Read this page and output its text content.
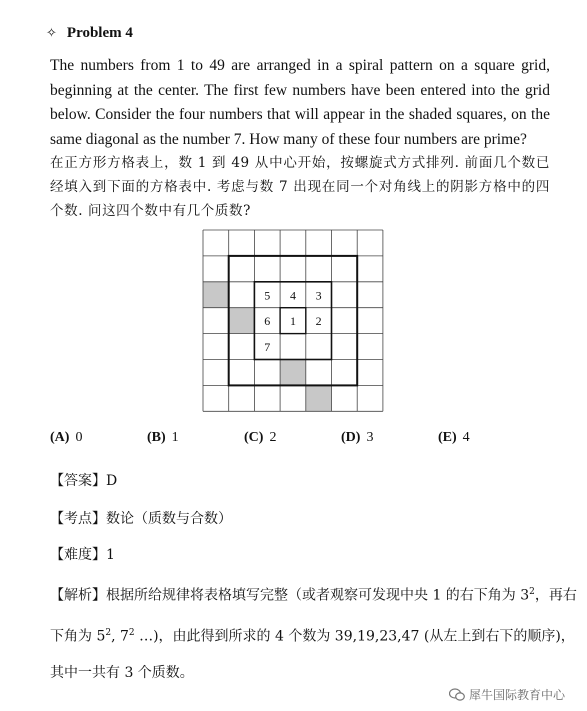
✧ Problem 4
The numbers from 1 to 49 are arranged in a spiral pattern on a square grid, beginning at the center. The first few numbers have been entered into the grid below. Consider the four numbers that will appear in the shaded squares, on the same diagonal as the number 7. How many of these four numbers are prime?
在正方形方格表上，数 1 到 49 从中心开始，按螺旋式方式排列. 前面几个数已经填入到下面的方格表中. 考虑与数 7 出现在同一个对角线上的阴影方格中的四个数. 问这四个数中有几个质数?
5 4 3
6 1 2
7
(A) 0	(B) 1	(C) 2	(D) 3	(E) 4
【答案】D
【考点】数论（质数与合数）
【难度】1
【解析】根据所给规律将表格填写完整（或者观察可发现中央 1 的右下角为 $3^2$，再右下角为 $5^2$, $7^2$ …)，由此得到所求的 4 个数为 39,19,23,47 (从左上到右下的顺序)，其中一共有 3 个质数。
犀牛国际教育中心
